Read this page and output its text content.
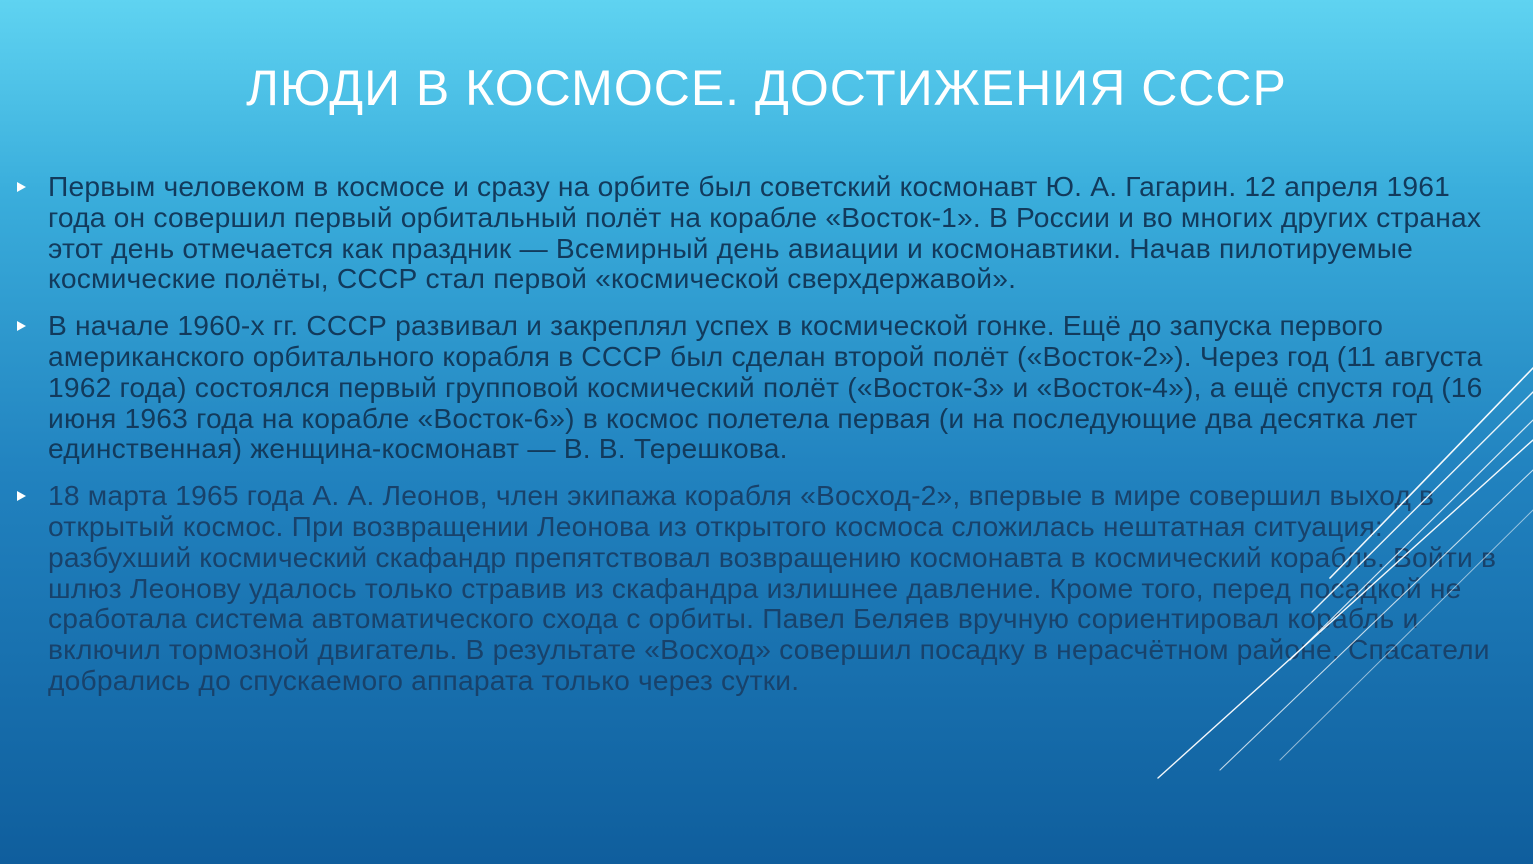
ЛЮДИ В КОСМОСЕ. ДОСТИЖЕНИЯ СССР
Первым человеком в космосе и сразу на орбите был советский космонавт Ю. А. Гагарин. 12 апреля 1961 года он совершил первый орбитальный полёт на корабле «Восток-1». В России и во многих других странах этот день отмечается как праздник — Всемирный день авиации и космонавтики. Начав пилотируемые космические полёты, СССР стал первой «космической сверхдержавой».
В начале 1960-х гг. СССР развивал и закреплял успех в космической гонке. Ещё до запуска первого американского орбитального корабля в СССР был сделан второй полёт («Восток-2»). Через год (11 августа 1962 года) состоялся первый групповой космический полёт («Восток-3» и «Восток-4»), а ещё спустя год (16 июня 1963 года на корабле «Восток-6») в космос полетела первая (и на последующие два десятка лет единственная) женщина-космонавт — В. В. Терешкова.
18 марта 1965 года А. А. Леонов, член экипажа корабля «Восход-2», впервые в мире совершил выход в открытый космос. При возвращении Леонова из открытого космоса сложилась нештатная ситуация: разбухший космический скафандр препятствовал возвращению космонавта в космический корабль. Войти в шлюз Леонову удалось только стравив из скафандра излишнее давление. Кроме того, перед посадкой не сработала система автоматического схода с орбиты. Павел Беляев вручную сориентировал корабль и включил тормозной двигатель. В результате «Восход» совершил посадку в нерасчётном районе. Спасатели добрались до спускаемого аппарата только через сутки.
